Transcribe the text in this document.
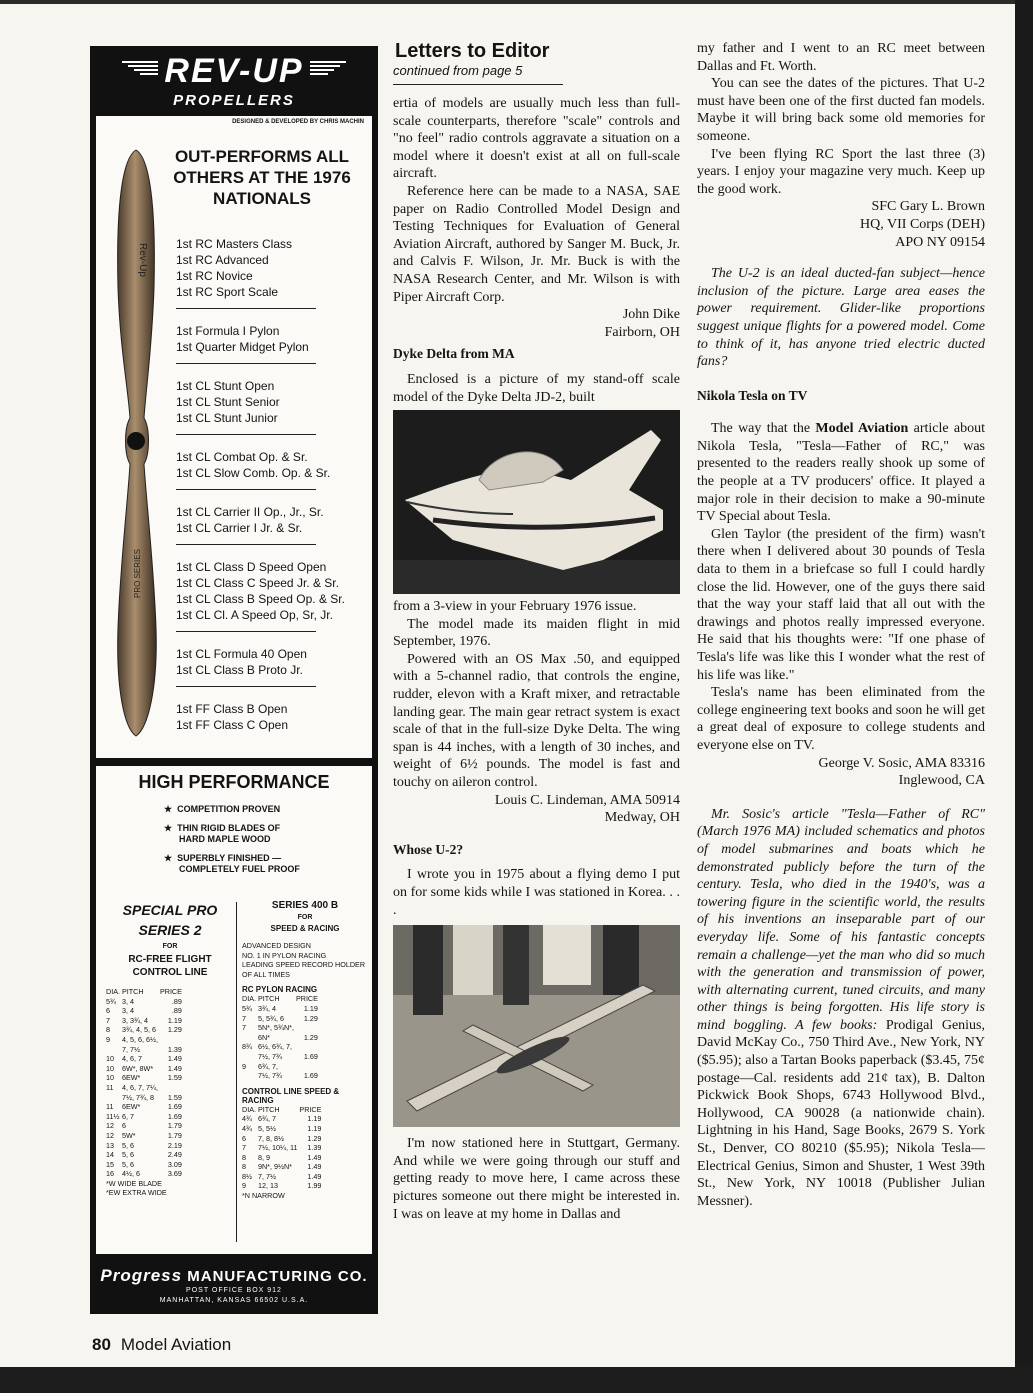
REV-UP
PROPELLERS
DESIGNED & DEVELOPED BY CHRIS MACHIN
Rev-Up
PRO SERIES
OUT-PERFORMS ALL OTHERS AT THE 1976 NATIONALS
1st RC Masters Class
1st RC Advanced
1st RC Novice
1st RC Sport Scale
1st Formula I Pylon
1st Quarter Midget Pylon
1st CL Stunt Open
1st CL Stunt Senior
1st CL Stunt Junior
1st CL Combat Op. & Sr.
1st CL Slow Comb. Op. & Sr.
1st CL Carrier II Op., Jr., Sr.
1st CL Carrier I Jr. & Sr.
1st CL Class D Speed Open
1st CL Class C Speed Jr. & Sr.
1st CL Class B Speed Op. & Sr.
1st CL Cl. A Speed Op, Sr, Jr.
1st CL Formula 40 Open
1st CL Class B Proto Jr.
1st FF Class B Open
1st FF Class C Open
HIGH PERFORMANCE
★  COMPETITION PROVEN
★  THIN RIGID BLADES OF
HARD MAPLE WOOD
★  SUPERBLY FINISHED —
COMPLETELY FUEL PROOF
SPECIAL PRO SERIES 2
FOR
RC-FREE FLIGHT CONTROL LINE
DIA.	PITCH	PRICE
5¾	3, 4	.89
6	3, 4	.89
7	3, 3¾, 4	1.19
8	3¾, 4, 5, 6	1.29
9	4, 5, 6, 6½,	
	7, 7½	1.39
10	4, 6, 7	1.49
10	6W*, 8W*	1.49
10	6EW*	1.59
11	4, 6, 7, 7¼,	
	7½, 7¾, 8	1.59
11	6EW*	1.69
11½	6, 7	1.69
12	6	1.79
12	5W*	1.79
13	5, 6	2.19
14	5, 6	2.49
15	5, 6	3.09
16	4½, 6	3.69
*W WIDE BLADE
*EW EXTRA WIDE
SERIES 400 B
FOR
SPEED & RACING
ADVANCED DESIGN
NO. 1 IN PYLON RACING
LEADING SPEED RECORD HOLDER OF ALL TIMES
RC PYLON RACING
DIA.	PITCH	PRICE
5¾	3¾, 4	1.19
7	5, 5¾, 6	1.29
7	5N*, 5¾N*,	
	6N*	1.29
8¾	6½, 6¾, 7,	
	7½, 7¾	1.69
9	6¾, 7,	
	7½, 7¾	1.69
CONTROL LINE SPEED & RACING
DIA.	PITCH	PRICE
4¾	6¾, 7	1.19
4¾	5, 5½	1.19
6	7, 8, 8½	1.29
7	7½, 10¼, 11	1.39
8	8, 9	1.49
8	9N*, 9½N*	1.49
8½	7, 7½	1.49
9	12, 13	1.99
*N NARROW
Progress MANUFACTURING CO.
POST OFFICE BOX 912
MANHATTAN, KANSAS 66502 U.S.A.
Letters to Editor
continued from page 5

ertia of models are usually much less than full-scale counterparts, therefore "scale" controls and "no feel" radio controls aggravate a situation on a model where it doesn't exist at all on full-scale aircraft.

Reference here can be made to a NASA, SAE paper on Radio Controlled Model Design and Testing Techniques for Evaluation of General Aviation Aircraft, authored by Sanger M. Buck, Jr. and Calvis F. Wilson, Jr. Mr. Buck is with the NASA Research Center, and Mr. Wilson is with Piper Aircraft Corp.

John Dike

Fairborn, OH

Dyke Delta from MA

Enclosed is a picture of my stand-off scale model of the Dyke Delta JD-2, built

from a 3-view in your February 1976 issue.

The model made its maiden flight in mid September, 1976.

Powered with an OS Max .50, and equipped with a 5-channel radio, that controls the engine, rudder, elevon with a Kraft mixer, and retractable landing gear. The main gear retract system is exact scale of that in the full-size Dyke Delta. The wing span is 44 inches, with a length of 30 inches, and weight of 6½ pounds. The model is fast and touchy on aileron control.

Louis C. Lindeman, AMA 50914

Medway, OH

Whose U-2?

I wrote you in 1975 about a flying demo I put on for some kids while I was stationed in Korea. . . .

I'm now stationed here in Stuttgart, Germany. And while we were going through our stuff and getting ready to move here, I came across these pictures someone out there might be interested in. I was on leave at my home in Dallas and

my father and I went to an RC meet between Dallas and Ft. Worth.

You can see the dates of the pictures. That U-2 must have been one of the first ducted fan models. Maybe it will bring back some old memories for someone.

I've been flying RC Sport the last three (3) years. I enjoy your magazine very much. Keep up the good work.

SFC Gary L. Brown

HQ, VII Corps (DEH)

APO NY 09154

The U-2 is an ideal ducted-fan subject—hence inclusion of the picture. Large area eases the power requirement. Glider-like proportions suggest unique flights for a powered model. Come to think of it, has anyone tried electric ducted fans?

Nikola Tesla on TV

The way that the Model Aviation article about Nikola Tesla, "Tesla—Father of RC," was presented to the readers really shook up some of the people at a TV producers' office. It played a major role in their decision to make a 90-minute TV Special about Tesla.

Glen Taylor (the president of the firm) wasn't there when I delivered about 30 pounds of Tesla data to them in a briefcase so full I could hardly close the lid. However, one of the guys there said that the way your staff laid that all out with the drawings and photos really impressed everyone. He said that his thoughts were: "If one phase of Tesla's life was like this I wonder what the rest of his life was like."

Tesla's name has been eliminated from the college engineering text books and soon he will get a great deal of exposure to college students and everyone else on TV.

George V. Sosic, AMA 83316

Inglewood, CA

Mr. Sosic's article "Tesla—Father of RC" (March 1976 MA) included schematics and photos of model submarines and boats which he demonstrated publicly before the turn of the century. Tesla, who died in the 1940's, was a towering figure in the scientific world, the results of his inventions an inseparable part of our everyday life. Some of his fantastic concepts remain a challenge—yet the man who did so much with the generation and transmission of power, with alternating current, tuned circuits, and many other things is being forgotten. His life story is mind boggling. A few books: Prodigal Genius, David McKay Co., 750 Third Ave., New York, NY ($5.95); also a Tartan Books paperback ($3.45, 75¢ postage—Cal. residents add 21¢ tax), B. Dalton Pickwick Book Shops, 6743 Hollywood Blvd., Hollywood, CA 90028 (a nationwide chain). Lightning in his Hand, Sage Books, 2679 S. York St., Denver, CO 80210 ($5.95); Nikola Tesla—Electrical Genius, Simon and Shuster, 1 West 39th St., New York, NY 10018 (Publisher Julian Messner).

80 Model Aviation
